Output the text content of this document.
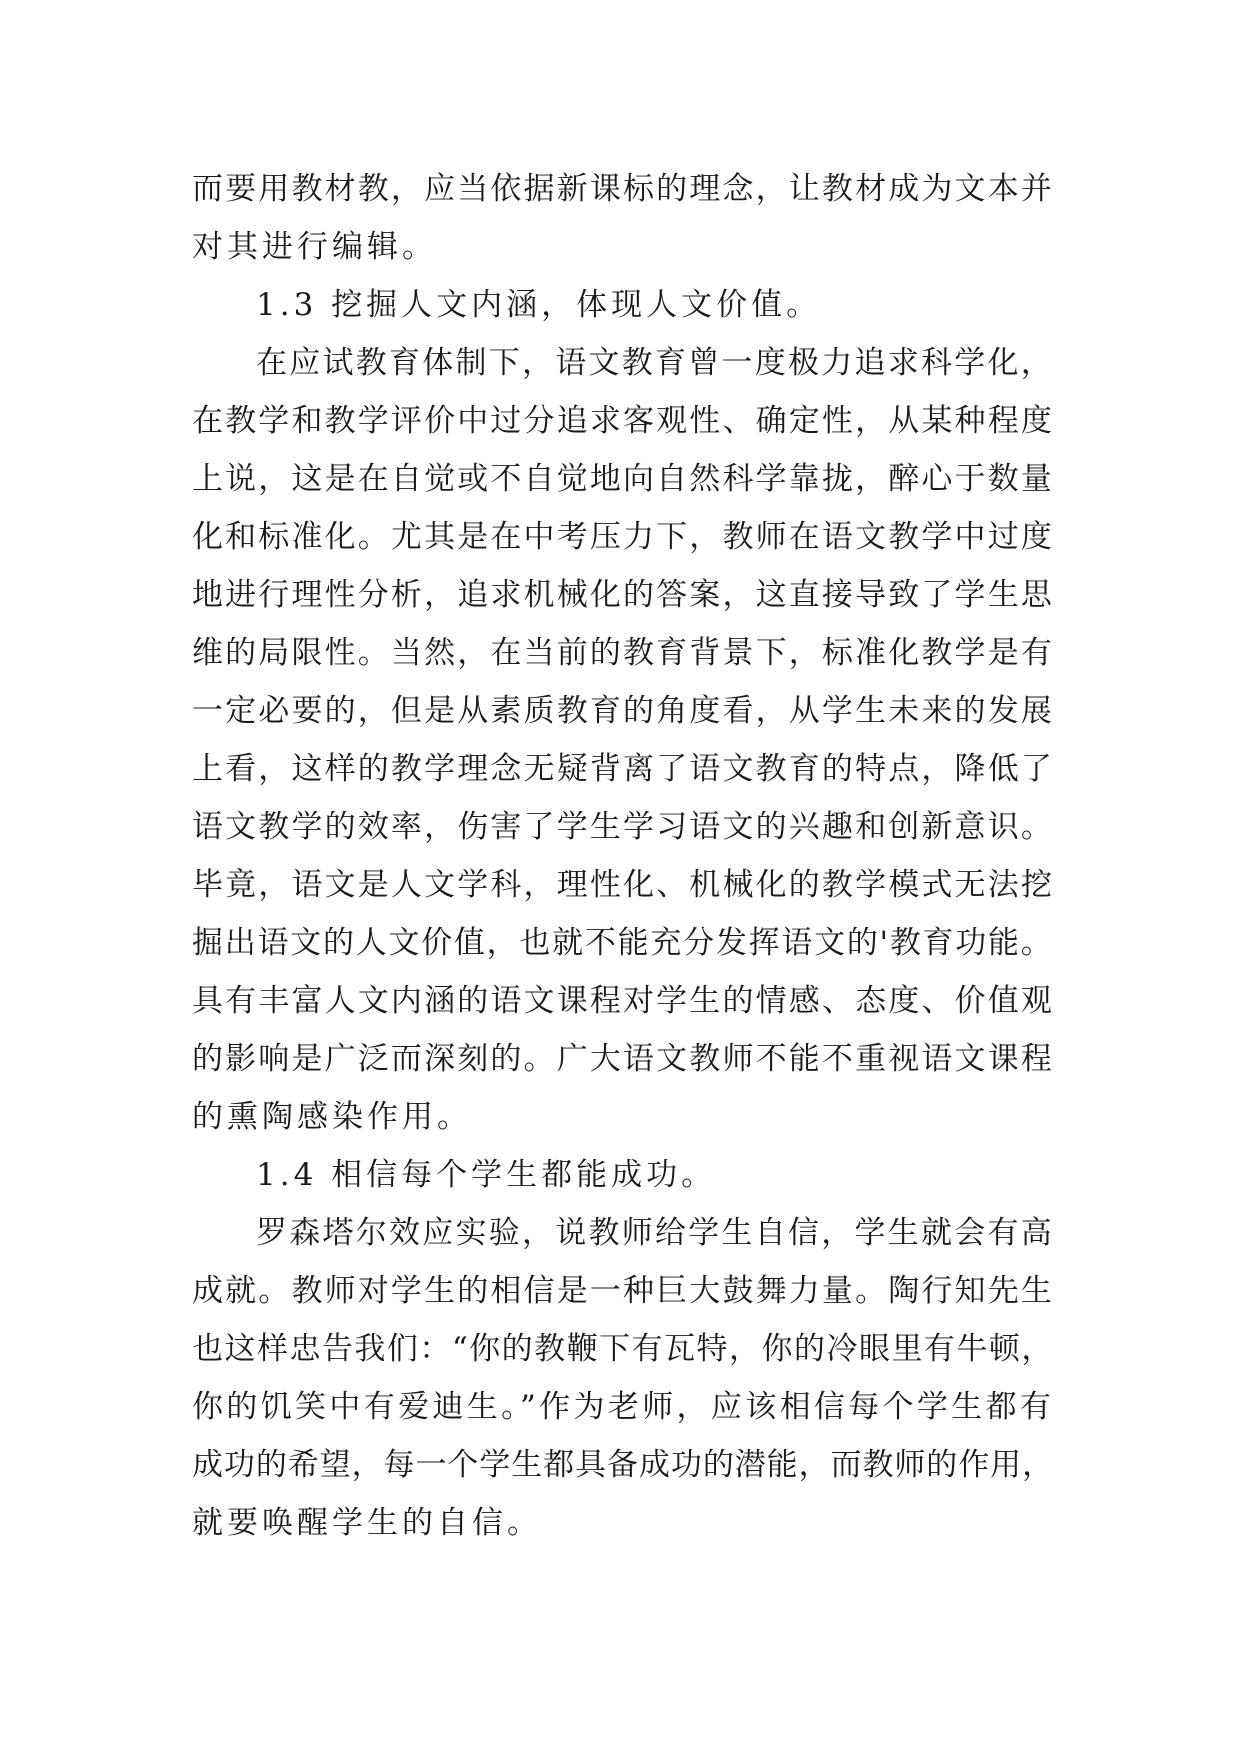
而要用教材教，应当依据新课标的理念，让教材成为文本并
对其进行编辑。
1.3 挖掘人文内涵，体现人文价值。
在应试教育体制下，语文教育曾一度极力追求科学化，
在教学和教学评价中过分追求客观性、确定性，从某种程度
上说，这是在自觉或不自觉地向自然科学靠拢，醉心于数量
化和标准化。尤其是在中考压力下，教师在语文教学中过度
地进行理性分析，追求机械化的答案，这直接导致了学生思
维的局限性。当然，在当前的教育背景下，标准化教学是有
一定必要的，但是从素质教育的角度看，从学生未来的发展
上看，这样的教学理念无疑背离了语文教育的特点，降低了
语文教学的效率，伤害了学生学习语文的兴趣和创新意识。
毕竟，语文是人文学科，理性化、机械化的教学模式无法挖
掘出语文的人文价值，也就不能充分发挥语文的'教育功能。
具有丰富人文内涵的语文课程对学生的情感、态度、价值观
的影响是广泛而深刻的。广大语文教师不能不重视语文课程
的熏陶感染作用。
1.4 相信每个学生都能成功。
罗森塔尔效应实验，说教师给学生自信，学生就会有高
成就。教师对学生的相信是一种巨大鼓舞力量。陶行知先生
也这样忠告我们：“你的教鞭下有瓦特，你的冷眼里有牛顿，
你的饥笑中有爱迪生。”作为老师，应该相信每个学生都有
成功的希望，每一个学生都具备成功的潜能，而教师的作用，
就要唤醒学生的自信。
